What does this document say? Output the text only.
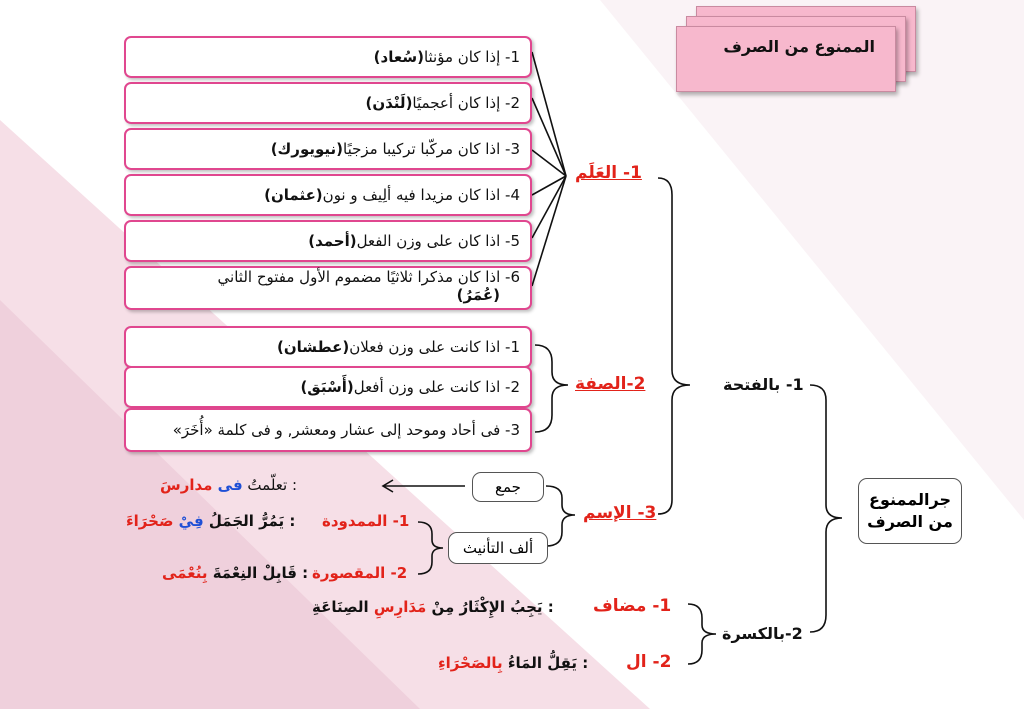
الممنوع من الصرف
1- إذا كان مؤنثا
(سُعاد)
2- إذا كان أعجميًا
(لَنْدَن)
3- اذا كان مركّبا تركيبا مزجيًا
(نيويورك)
4- اذا كان مزيدا فيه ألِيف و نون
(عثمان)
5- اذا كان على وزن الفعل
(أحمد)
6- اذا كان مذكرا ثلاثيًا مضموم الأول مفتوح الثاني
(عُمَرُ)
1- اذا كانت على وزن فعلان
(عطشان)
2- اذا كانت على وزن أفعل
(أَسْبَق)
3- فى أحاد وموحد إلى عشار ومعشر, و فى كلمة «أُخَرَ»
1- العَلَم
2-الصفة
3- الإسم
1- بالفتحة
2-بالكسرة
جرالممنوع
من الصرف
جمع
: تعلّمتُ فى مدارسَ
ألف التأنيث
1- الممدودة
: يَمُرُّ الجَمَلُ فِيْ صَحْرَاءَ
2- المقصورة
: قَابِلْ النِعْمَةَ بِنُعْمَى
1- مضاف
: يَجِبُ الإِكْثَارُ مِنْ مَدَارِسِ الصِنَاعَةِ
2- ال
: يَقِلُّ المَاءُ بِالصَحْرَاءِ
